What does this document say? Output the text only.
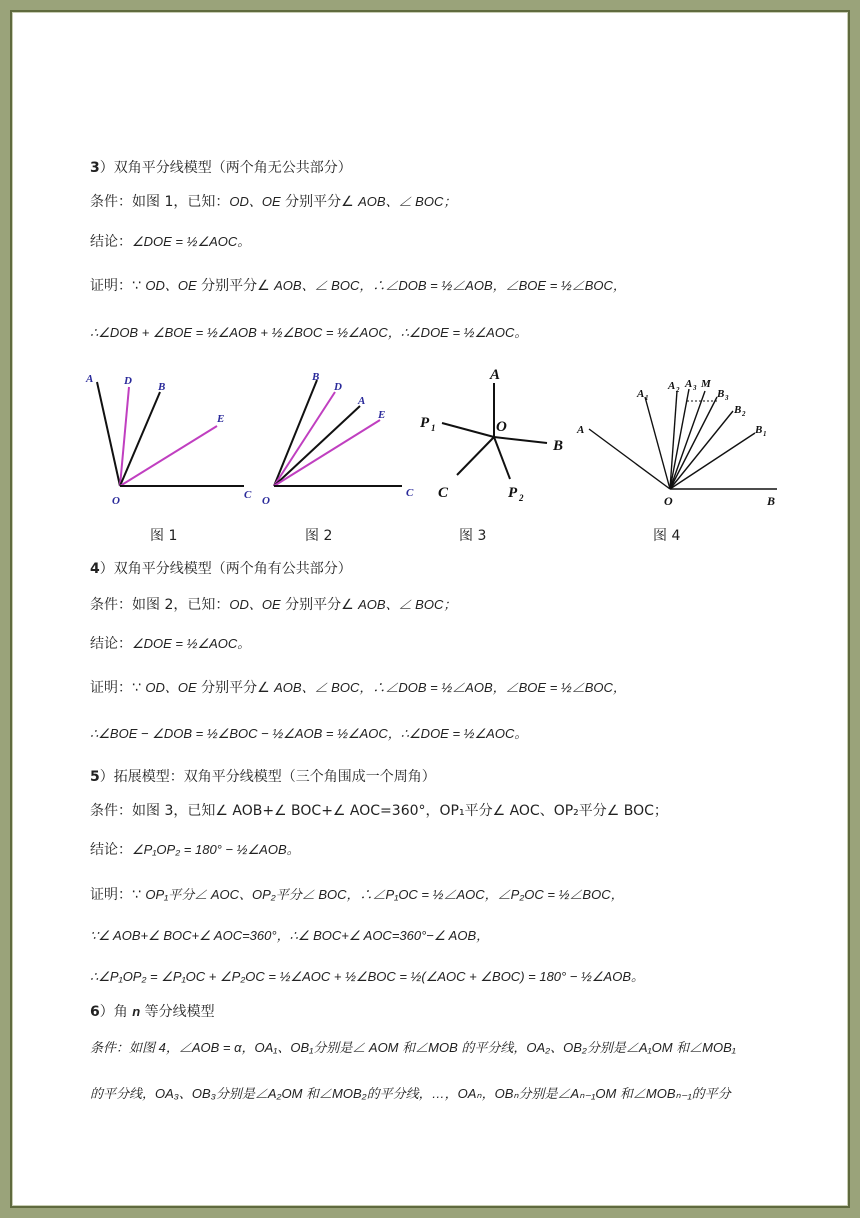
3）双角平分线模型（两个角无公共部分）
条件：如图 1，已知：OD、OE 分别平分∠ AOB、∠ BOC；
结论：∠DOE = ½∠AOC。
证明：∵ OD、OE 分别平分∠ AOB、∠ BOC，∴∠DOB = ½∠AOB，∠BOE = ½∠BOC，
∴∠DOB + ∠BOE = ½∠AOB + ½∠BOC = ½∠AOC，∴∠DOE = ½∠AOC。
A	D B
E
O	C
B
D
A
E
O
C
A
P 1	O
B
C	P 2
A
A 1
A 2 A 3 M
B 3
B 2
B 1
O	B
图 1	图 2	图 3	图 4
4）双角平分线模型（两个角有公共部分）
条件：如图 2，已知：OD、OE 分别平分∠ AOB、∠ BOC；
结论：∠DOE = ½∠AOC。
证明：∵ OD、OE 分别平分∠ AOB、∠ BOC，∴∠DOB = ½∠AOB，∠BOE = ½∠BOC，
∴∠BOE − ∠DOB = ½∠BOC − ½∠AOB = ½∠AOC，∴∠DOE = ½∠AOC。
5）拓展模型：双角平分线模型（三个角围成一个周角）
条件：如图 3，已知∠ AOB+∠ BOC+∠ AOC=360°，OP₁平分∠ AOC、OP₂平分∠ BOC；
结论：∠P₁OP₂ = 180° − ½∠AOB。
证明：∵ OP₁平分∠ AOC、OP₂平分∠ BOC，∴∠P₁OC = ½∠AOC，∠P₂OC = ½∠BOC，
∵∠ AOB+∠ BOC+∠ AOC=360°，∴∠ BOC+∠ AOC=360°−∠ AOB，
∴∠P₁OP₂ = ∠P₁OC + ∠P₂OC = ½∠AOC + ½∠BOC = ½(∠AOC + ∠BOC) = 180° − ½∠AOB。
6）角 n 等分线模型
条件：如图 4，∠AOB = α，OA₁、OB₁分别是∠ AOM 和∠MOB 的平分线，OA₂、OB₂分别是∠A₁OM 和∠MOB₁
的平分线，OA₃、OB₃分别是∠A₂OM 和∠MOB₂的平分线，…，OAₙ，OBₙ分别是∠Aₙ₋₁OM 和∠MOBₙ₋₁的平分
